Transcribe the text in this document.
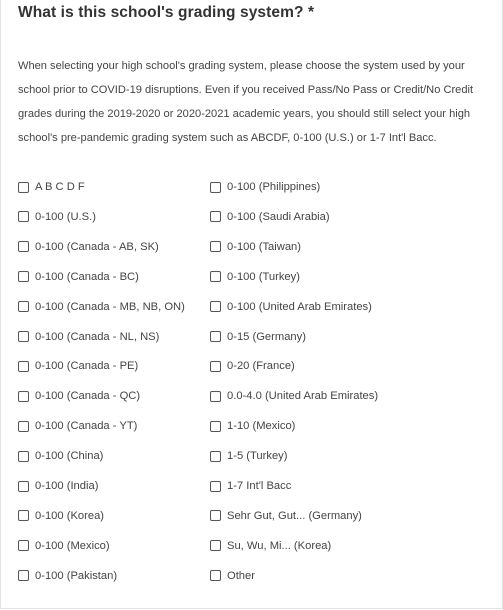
What is this school's grading system? *
When selecting your high school's grading system, please choose the system used by your
school prior to COVID-19 disruptions. Even if you received Pass/No Pass or Credit/No Credit
grades during the 2019-2020 or 2020-2021 academic years, you should still select your high
school's pre-pandemic grading system such as ABCDF, 0-100 (U.S.) or 1-7 Int'l Bacc.
A B C D F
0-100 (U.S.)
0-100 (Canada - AB, SK)
0-100 (Canada - BC)
0-100 (Canada - MB, NB, ON)
0-100 (Canada - NL, NS)
0-100 (Canada - PE)
0-100 (Canada - QC)
0-100 (Canada - YT)
0-100 (China)
0-100 (India)
0-100 (Korea)
0-100 (Mexico)
0-100 (Pakistan)
0-100 (Philippines)
0-100 (Saudi Arabia)
0-100 (Taiwan)
0-100 (Turkey)
0-100 (United Arab Emirates)
0-15 (Germany)
0-20 (France)
0.0-4.0 (United Arab Emirates)
1-10 (Mexico)
1-5 (Turkey)
1-7 Int'l Bacc
Sehr Gut, Gut... (Germany)
Su, Wu, Mi... (Korea)
Other
